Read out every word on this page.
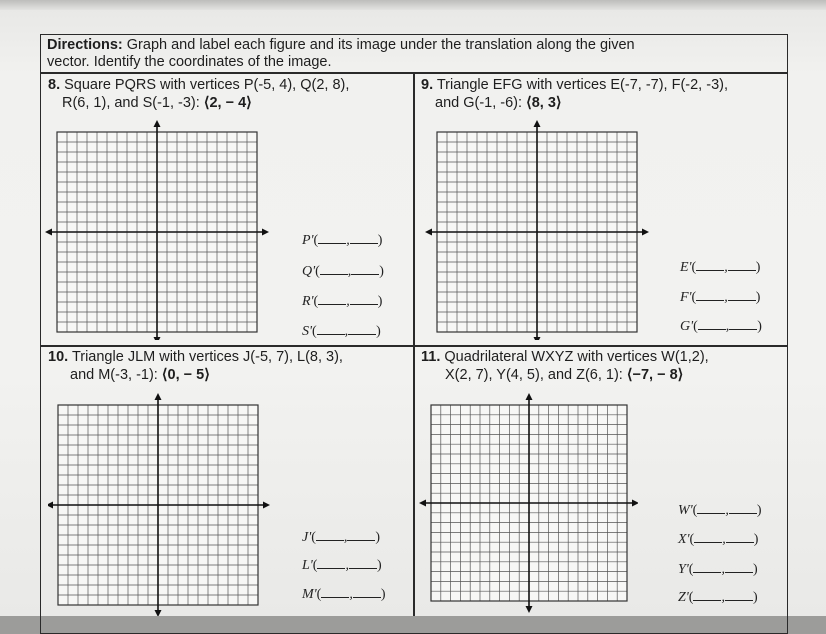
Directions: Graph and label each figure and its image under the translation along the given
vector. Identify the coordinates of the image.
8. Square PQRS with vertices P(-5, 4), Q(2, 8),
R(6, 1), and S(-1, -3): ⟨2, − 4⟩
9. Triangle EFG with vertices E(-7, -7), F(-2, -3),
and G(-1, -6): ⟨8, 3⟩
10. Triangle JLM with vertices J(-5, 7), L(8, 3),
and M(-3, -1): ⟨0, − 5⟩
11. Quadrilateral WXYZ with vertices W(1,2),
X(2, 7), Y(4, 5), and Z(6, 1): ⟨−7, − 8⟩
P'( , )
Q'( , )
R'( , )
S'( , )
E'( , )
F'( , )
G'( , )
J'( , )
L'( , )
M'( , )
W'( , )
X'( , )
Y'( , )
Z'( , )
